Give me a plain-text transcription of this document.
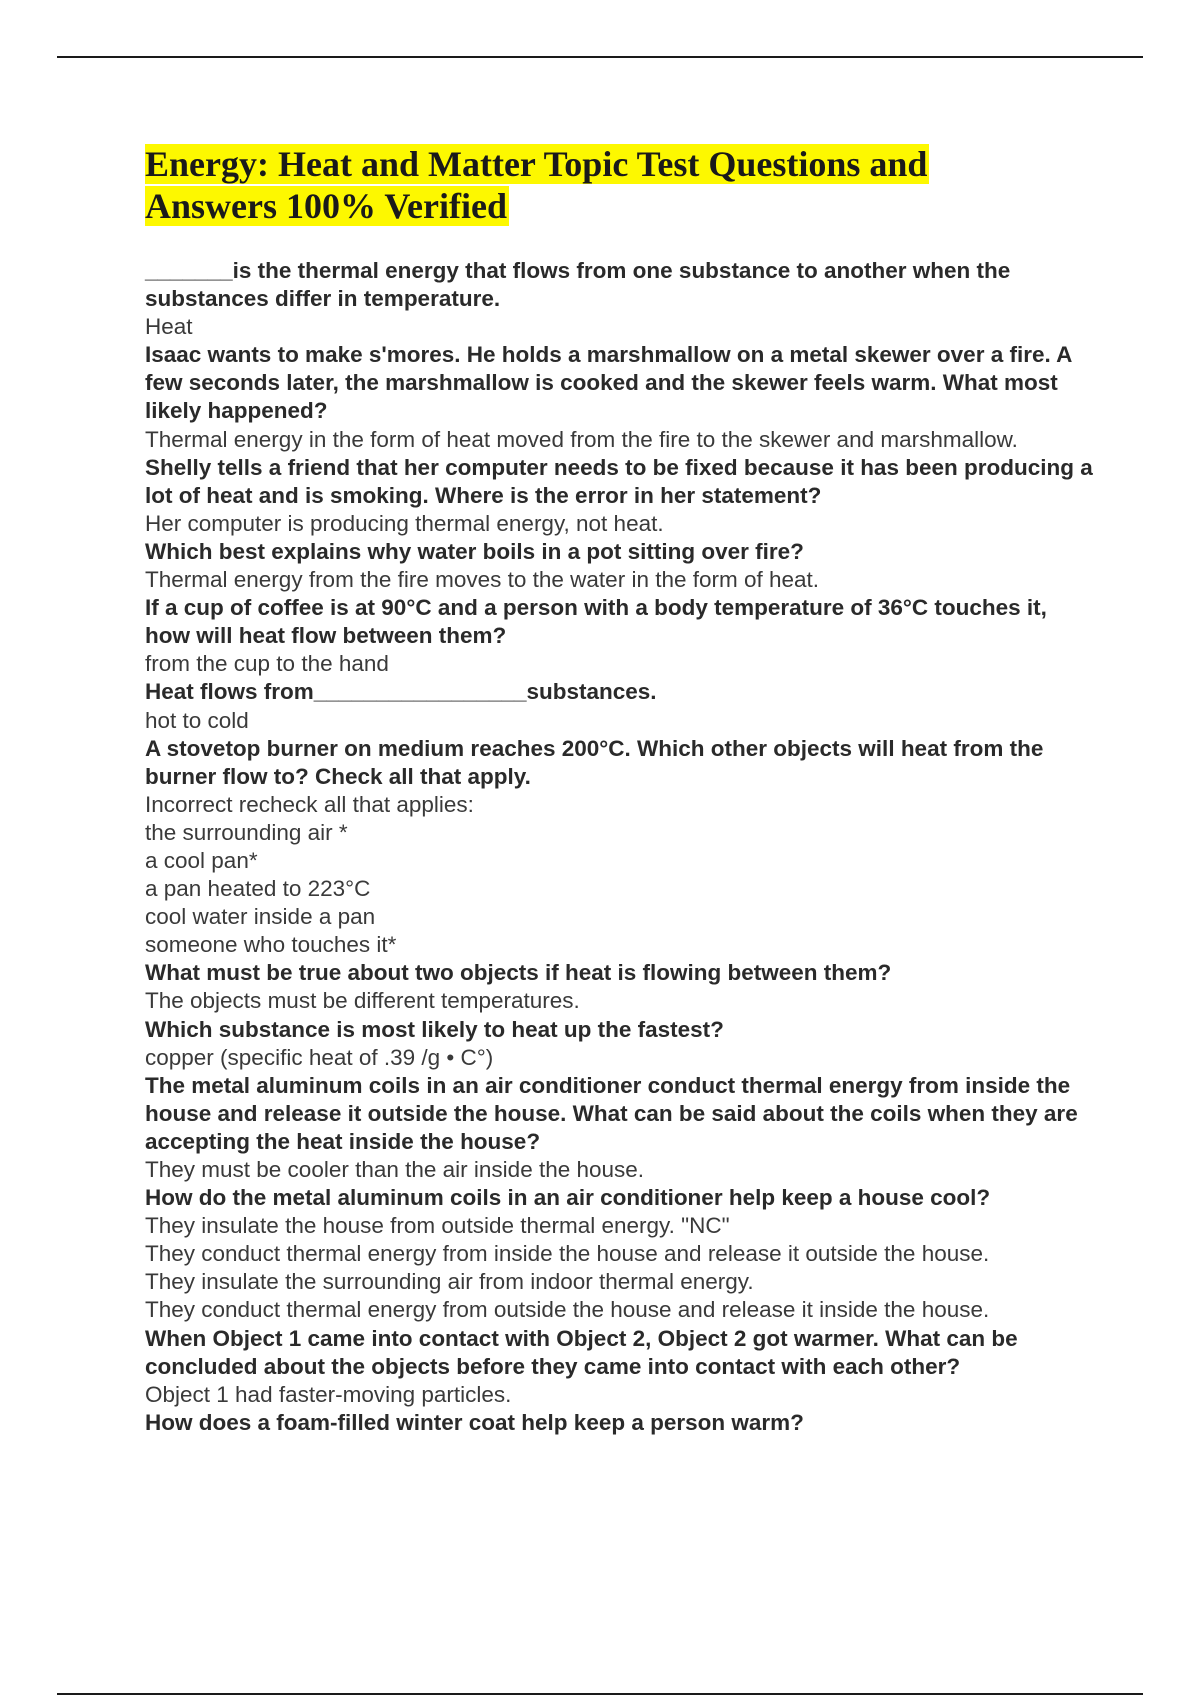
Energy: Heat and Matter Topic Test Questions and
Answers 100% Verified

_______is the thermal energy that flows from one substance to another when the substances differ in temperature.

Heat

Isaac wants to make s'mores. He holds a marshmallow on a metal skewer over a fire. A few seconds later, the marshmallow is cooked and the skewer feels warm. What most likely happened?

Thermal energy in the form of heat moved from the fire to the skewer and marshmallow.

Shelly tells a friend that her computer needs to be fixed because it has been producing a lot of heat and is smoking. Where is the error in her statement?

Her computer is producing thermal energy, not heat.

Which best explains why water boils in a pot sitting over fire?

Thermal energy from the fire moves to the water in the form of heat.

If a cup of coffee is at 90°C and a person with a body temperature of 36°C touches it, how will heat flow between them?

from the cup to the hand

Heat flows from_________________substances.

hot to cold

A stovetop burner on medium reaches 200°C. Which other objects will heat from the burner flow to? Check all that apply.

Incorrect recheck all that applies:

the surrounding air *

a cool pan*

a pan heated to 223°C

cool water inside a pan

someone who touches it*

What must be true about two objects if heat is flowing between them?

The objects must be different temperatures.

Which substance is most likely to heat up the fastest?

copper (specific heat of .39 /g • C°)

The metal aluminum coils in an air conditioner conduct thermal energy from inside the house and release it outside the house. What can be said about the coils when they are accepting the heat inside the house?

They must be cooler than the air inside the house.

How do the metal aluminum coils in an air conditioner help keep a house cool?

They insulate the house from outside thermal energy. "NC"

They conduct thermal energy from inside the house and release it outside the house.

They insulate the surrounding air from indoor thermal energy.

They conduct thermal energy from outside the house and release it inside the house.

When Object 1 came into contact with Object 2, Object 2 got warmer. What can be concluded about the objects before they came into contact with each other?

Object 1 had faster-moving particles.

How does a foam-filled winter coat help keep a person warm?
